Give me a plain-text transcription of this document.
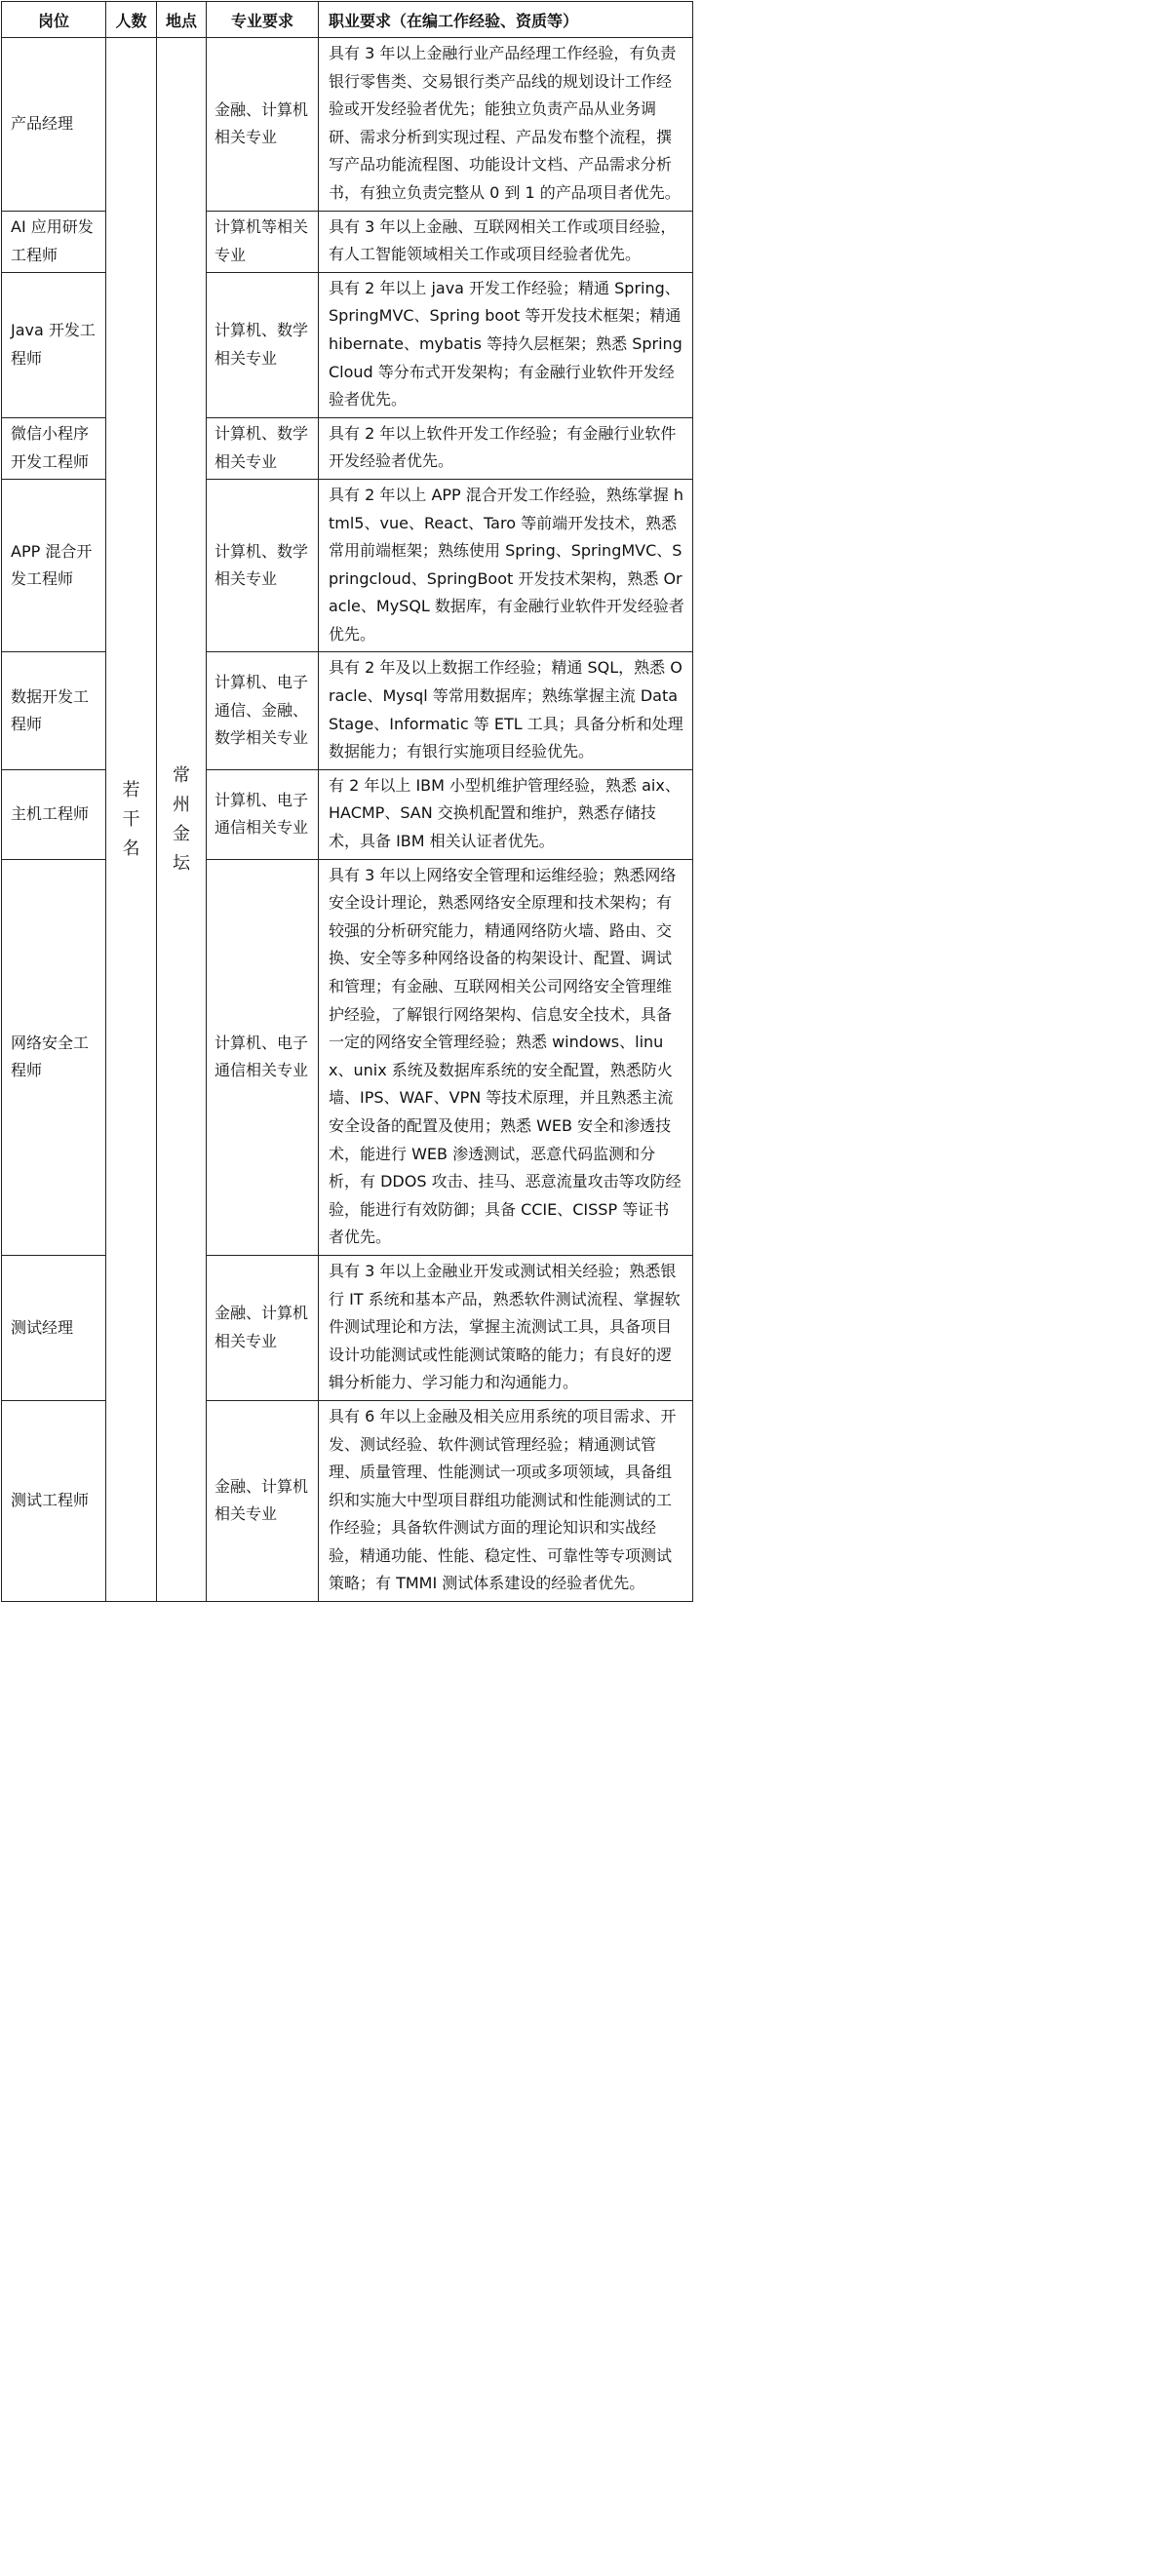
岗位	人数	地点	专业要求	职业要求（在编工作经验、资质等）
产品经理	若干名	常州金坛	金融、计算机相关专业	具有 3 年以上金融行业产品经理工作经验，有负责银行零售类、交易银行类产品线的规划设计工作经验或开发经验者优先；能独立负责产品从业务调研、需求分析到实现过程、产品发布整个流程，撰写产品功能流程图、功能设计文档、产品需求分析书，有独立负责完整从 0 到 1 的产品项目者优先。
AI 应用研发工程师			计算机等相关专业	具有 3 年以上金融、互联网相关工作或项目经验，有人工智能领域相关工作或项目经验者优先。
Java 开发工程师			计算机、数学相关专业	具有 2 年以上 java 开发工作经验；精通 Spring、SpringMVC、Spring boot 等开发技术框架；精通 hibernate、mybatis 等持久层框架；熟悉 Spring Cloud 等分布式开发架构；有金融行业软件开发经验者优先。
微信小程序开发工程师			计算机、数学相关专业	具有 2 年以上软件开发工作经验；有金融行业软件开发经验者优先。
APP 混合开发工程师			计算机、数学相关专业	具有 2 年以上 APP 混合开发工作经验，熟练掌握 html5、vue、React、Taro 等前端开发技术，熟悉常用前端框架；熟练使用 Spring、SpringMVC、Springcloud、SpringBoot 开发技术架构，熟悉 Oracle、MySQL 数据库，有金融行业软件开发经验者优先。
数据开发工程师			计算机、电子通信、金融、数学相关专业	具有 2 年及以上数据工作经验；精通 SQL，熟悉 Oracle、Mysql 等常用数据库；熟练掌握主流 DataStage、Informatic 等 ETL 工具；具备分析和处理数据能力；有银行实施项目经验优先。
主机工程师			计算机、电子通信相关专业	有 2 年以上 IBM 小型机维护管理经验，熟悉 aix、HACMP、SAN 交换机配置和维护，熟悉存储技术，具备 IBM 相关认证者优先。
网络安全工程师			计算机、电子通信相关专业	具有 3 年以上网络安全管理和运维经验；熟悉网络安全设计理论，熟悉网络安全原理和技术架构；有较强的分析研究能力，精通网络防火墙、路由、交换、安全等多种网络设备的构架设计、配置、调试和管理；有金融、互联网相关公司网络安全管理维护经验，了解银行网络架构、信息安全技术，具备一定的网络安全管理经验；熟悉 windows、linux、unix 系统及数据库系统的安全配置，熟悉防火墙、IPS、WAF、VPN 等技术原理，并且熟悉主流安全设备的配置及使用；熟悉 WEB 安全和渗透技术，能进行 WEB 渗透测试，恶意代码监测和分析，有 DDOS 攻击、挂马、恶意流量攻击等攻防经验，能进行有效防御；具备 CCIE、CISSP 等证书者优先。
测试经理			金融、计算机相关专业	具有 3 年以上金融业开发或测试相关经验；熟悉银行 IT 系统和基本产品，熟悉软件测试流程、掌握软件测试理论和方法，掌握主流测试工具，具备项目设计功能测试或性能测试策略的能力；有良好的逻辑分析能力、学习能力和沟通能力。
测试工程师			金融、计算机相关专业	具有 6 年以上金融及相关应用系统的项目需求、开发、测试经验、软件测试管理经验；精通测试管理、质量管理、性能测试一项或多项领域，具备组织和实施大中型项目群组功能测试和性能测试的工作经验；具备软件测试方面的理论知识和实战经验，精通功能、性能、稳定性、可靠性等专项测试策略；有 TMMI 测试体系建设的经验者优先。
